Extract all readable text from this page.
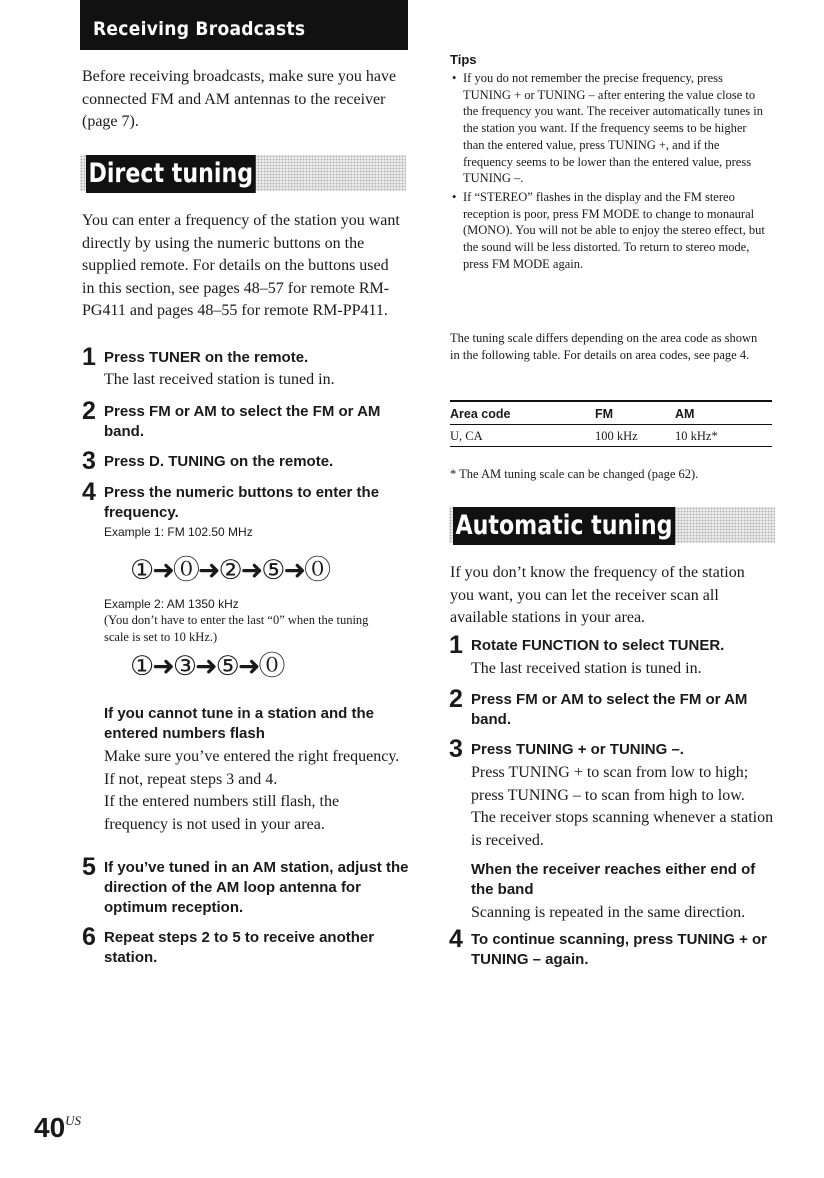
Receiving Broadcasts

Before receiving broadcasts, make sure you have connected FM and AM antennas to the receiver (page 7).

Direct tuning

You can enter a frequency of the station you want directly by using the numeric buttons on the supplied remote. For details on the buttons used in this section, see pages 48–57 for remote RM-PG411 and pages 48–55 for remote RM-PP411.

1 Press TUNER on the remote.
The last received station is tuned in.
2 Press FM or AM to select the FM or AM band.
3 Press D. TUNING on the remote.
4 Press the numeric buttons to enter the frequency.
Example 1: FM 102.50 MHz
①➜⓪➜②➜⑤➜⓪
Example 2: AM 1350 kHz
(You don’t have to enter the last “0” when the tuning scale is set to 10 kHz.)
①➜③➜⑤➜⓪
If you cannot tune in a station and the entered numbers flash
Make sure you’ve entered the right frequency. If not, repeat steps 3 and 4.
If the entered numbers still flash, the frequency is not used in your area.
5 If you’ve tuned in an AM station, adjust the direction of the AM loop antenna for optimum reception.
6 Repeat steps 2 to 5 to receive another station.
Tips
• If you do not remember the precise frequency, press TUNING + or TUNING – after entering the value close to the frequency you want. The receiver automatically tunes in the station you want. If the frequency seems to be higher than the entered value, press TUNING +, and if the frequency seems to be lower than the entered value, press TUNING –.
• If “STEREO” flashes in the display and the FM stereo reception is poor, press FM MODE to change to monaural (MONO). You will not be able to enjoy the stereo effect, but the sound will be less distorted. To return to stereo mode, press FM MODE again.
The tuning scale differs depending on the area code as shown in the following table. For details on area codes, see page 4.
Area code	FM	AM
U, CA	100 kHz	10 kHz*
* The AM tuning scale can be changed (page 62).
Automatic tuning

If you don’t know the frequency of the station you want, you can let the receiver scan all available stations in your area.

1 Rotate FUNCTION to select TUNER.
The last received station is tuned in.
2 Press FM or AM to select the FM or AM band.
3 Press TUNING + or TUNING –.
Press TUNING + to scan from low to high; press TUNING – to scan from high to low.
The receiver stops scanning whenever a station is received.
When the receiver reaches either end of the band
Scanning is repeated in the same direction.
4 To continue scanning, press TUNING + or TUNING – again.
$40^{US}$
